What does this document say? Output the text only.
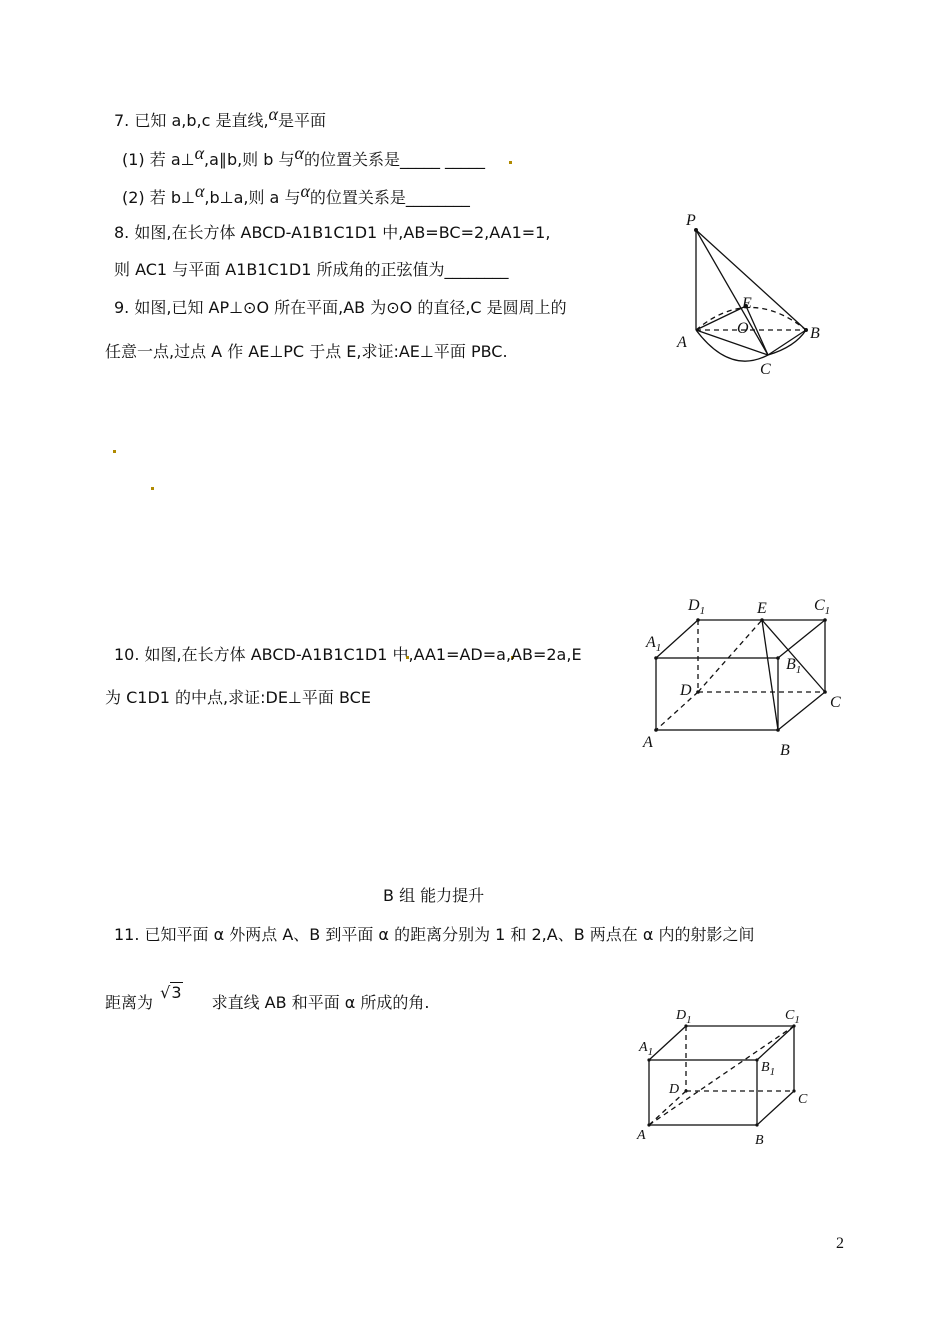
7. 已知 a,b,c 是直线,α是平面
(1) 若 a⊥α,a∥b,则 b 与α的位置关系是_____ _____
(2) 若 b⊥α,b⊥a,则 a 与α的位置关系是________
8. 如图,在长方体 ABCD-A1B1C1D1 中,AB=BC=2,AA1=1,
则 AC1 与平面 A1B1C1D1 所成角的正弦值为________
9. 如图,已知 AP⊥⊙O 所在平面,AB 为⊙O 的直径,C 是圆周上的
任意一点,过点 A 作 AE⊥PC 于点 E,求证:AE⊥平面 PBC.
P
E
O
A
B
C
10. 如图,在长方体 ABCD-A1B1C1D1 中,AA1=AD=a,AB=2a,E
为 C1D1 的中点,求证:DE⊥平面 BCE
$D_1$	E	$C_1$
$A_1$
$B_1$
D
C
A	B
B 组 能力提升
11. 已知平面 α 外两点 A、B 到平面 α 的距离分别为 1 和 2,A、B 两点在 α 内的射影之间
距离为 √3 求直线 AB 和平面 α 所成的角.
$D_1$	$C_1$
$A_1$
$B_1$
D
C
A	B
2
